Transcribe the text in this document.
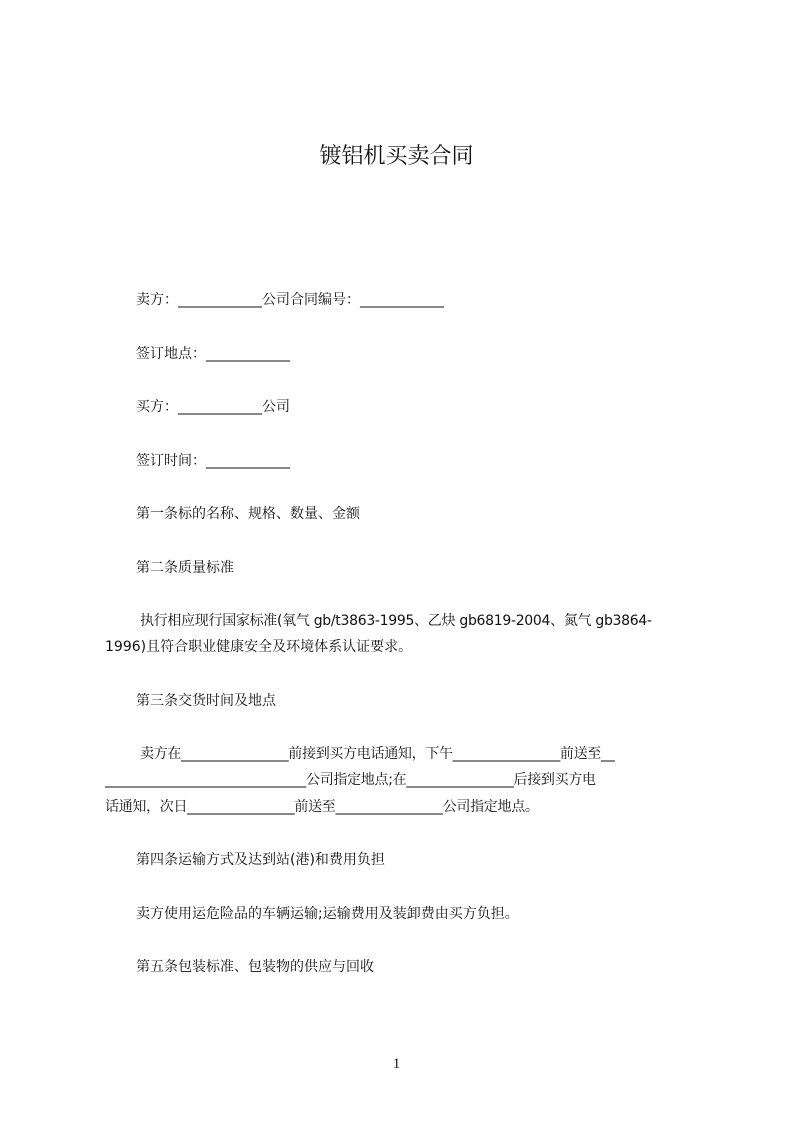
镀铝机买卖合同
卖方：____________公司合同编号：____________
签订地点：____________
买方：____________公司
签订时间：____________
第一条标的名称、规格、数量、金额
第二条质量标准
执行相应现行国家标准(氧气 gb/t3863-1995、乙炔 gb6819-2004、氮气 gb3864-
1996)且符合职业健康安全及环境体系认证要求。
第三条交货时间及地点
卖方在________________前接到买方电话通知，下午________________前送至__
______________________________公司指定地点;在________________后接到买方电
话通知，次日________________前送至________________公司指定地点。
第四条运输方式及达到站(港)和费用负担
卖方使用运危险品的车辆运输;运输费用及装卸费由买方负担。
第五条包装标准、包装物的供应与回收
1
